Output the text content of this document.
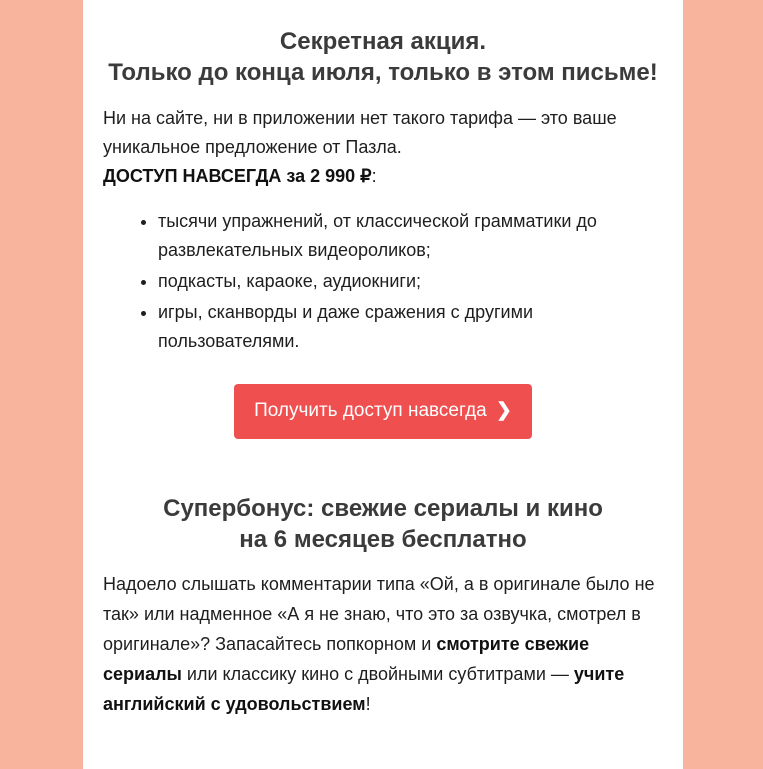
Секретная акция.
Только до конца июля, только в этом письме!
Ни на сайте, ни в приложении нет такого тарифа — это ваше уникальное предложение от Пазла.
ДОСТУП НАВСЕГДА за 2 990 ₽:
• тысячи упражнений, от классической грамматики до развлекательных видеороликов;
• подкасты, караоке, аудиокниги;
• игры, сканворды и даже сражения с другими пользователями.
Получить доступ навсегда ❯
Супербонус: свежие сериалы и кино
на 6 месяцев бесплатно
Надоело слышать комментарии типа «Ой, а в оригинале было не так» или надменное «А я не знаю, что это за озвучка, смотрел в оригинале»? Запасайтесь попкорном и смотрите свежие сериалы или классику кино с двойными субтитрами — учите английский с удовольствием!
